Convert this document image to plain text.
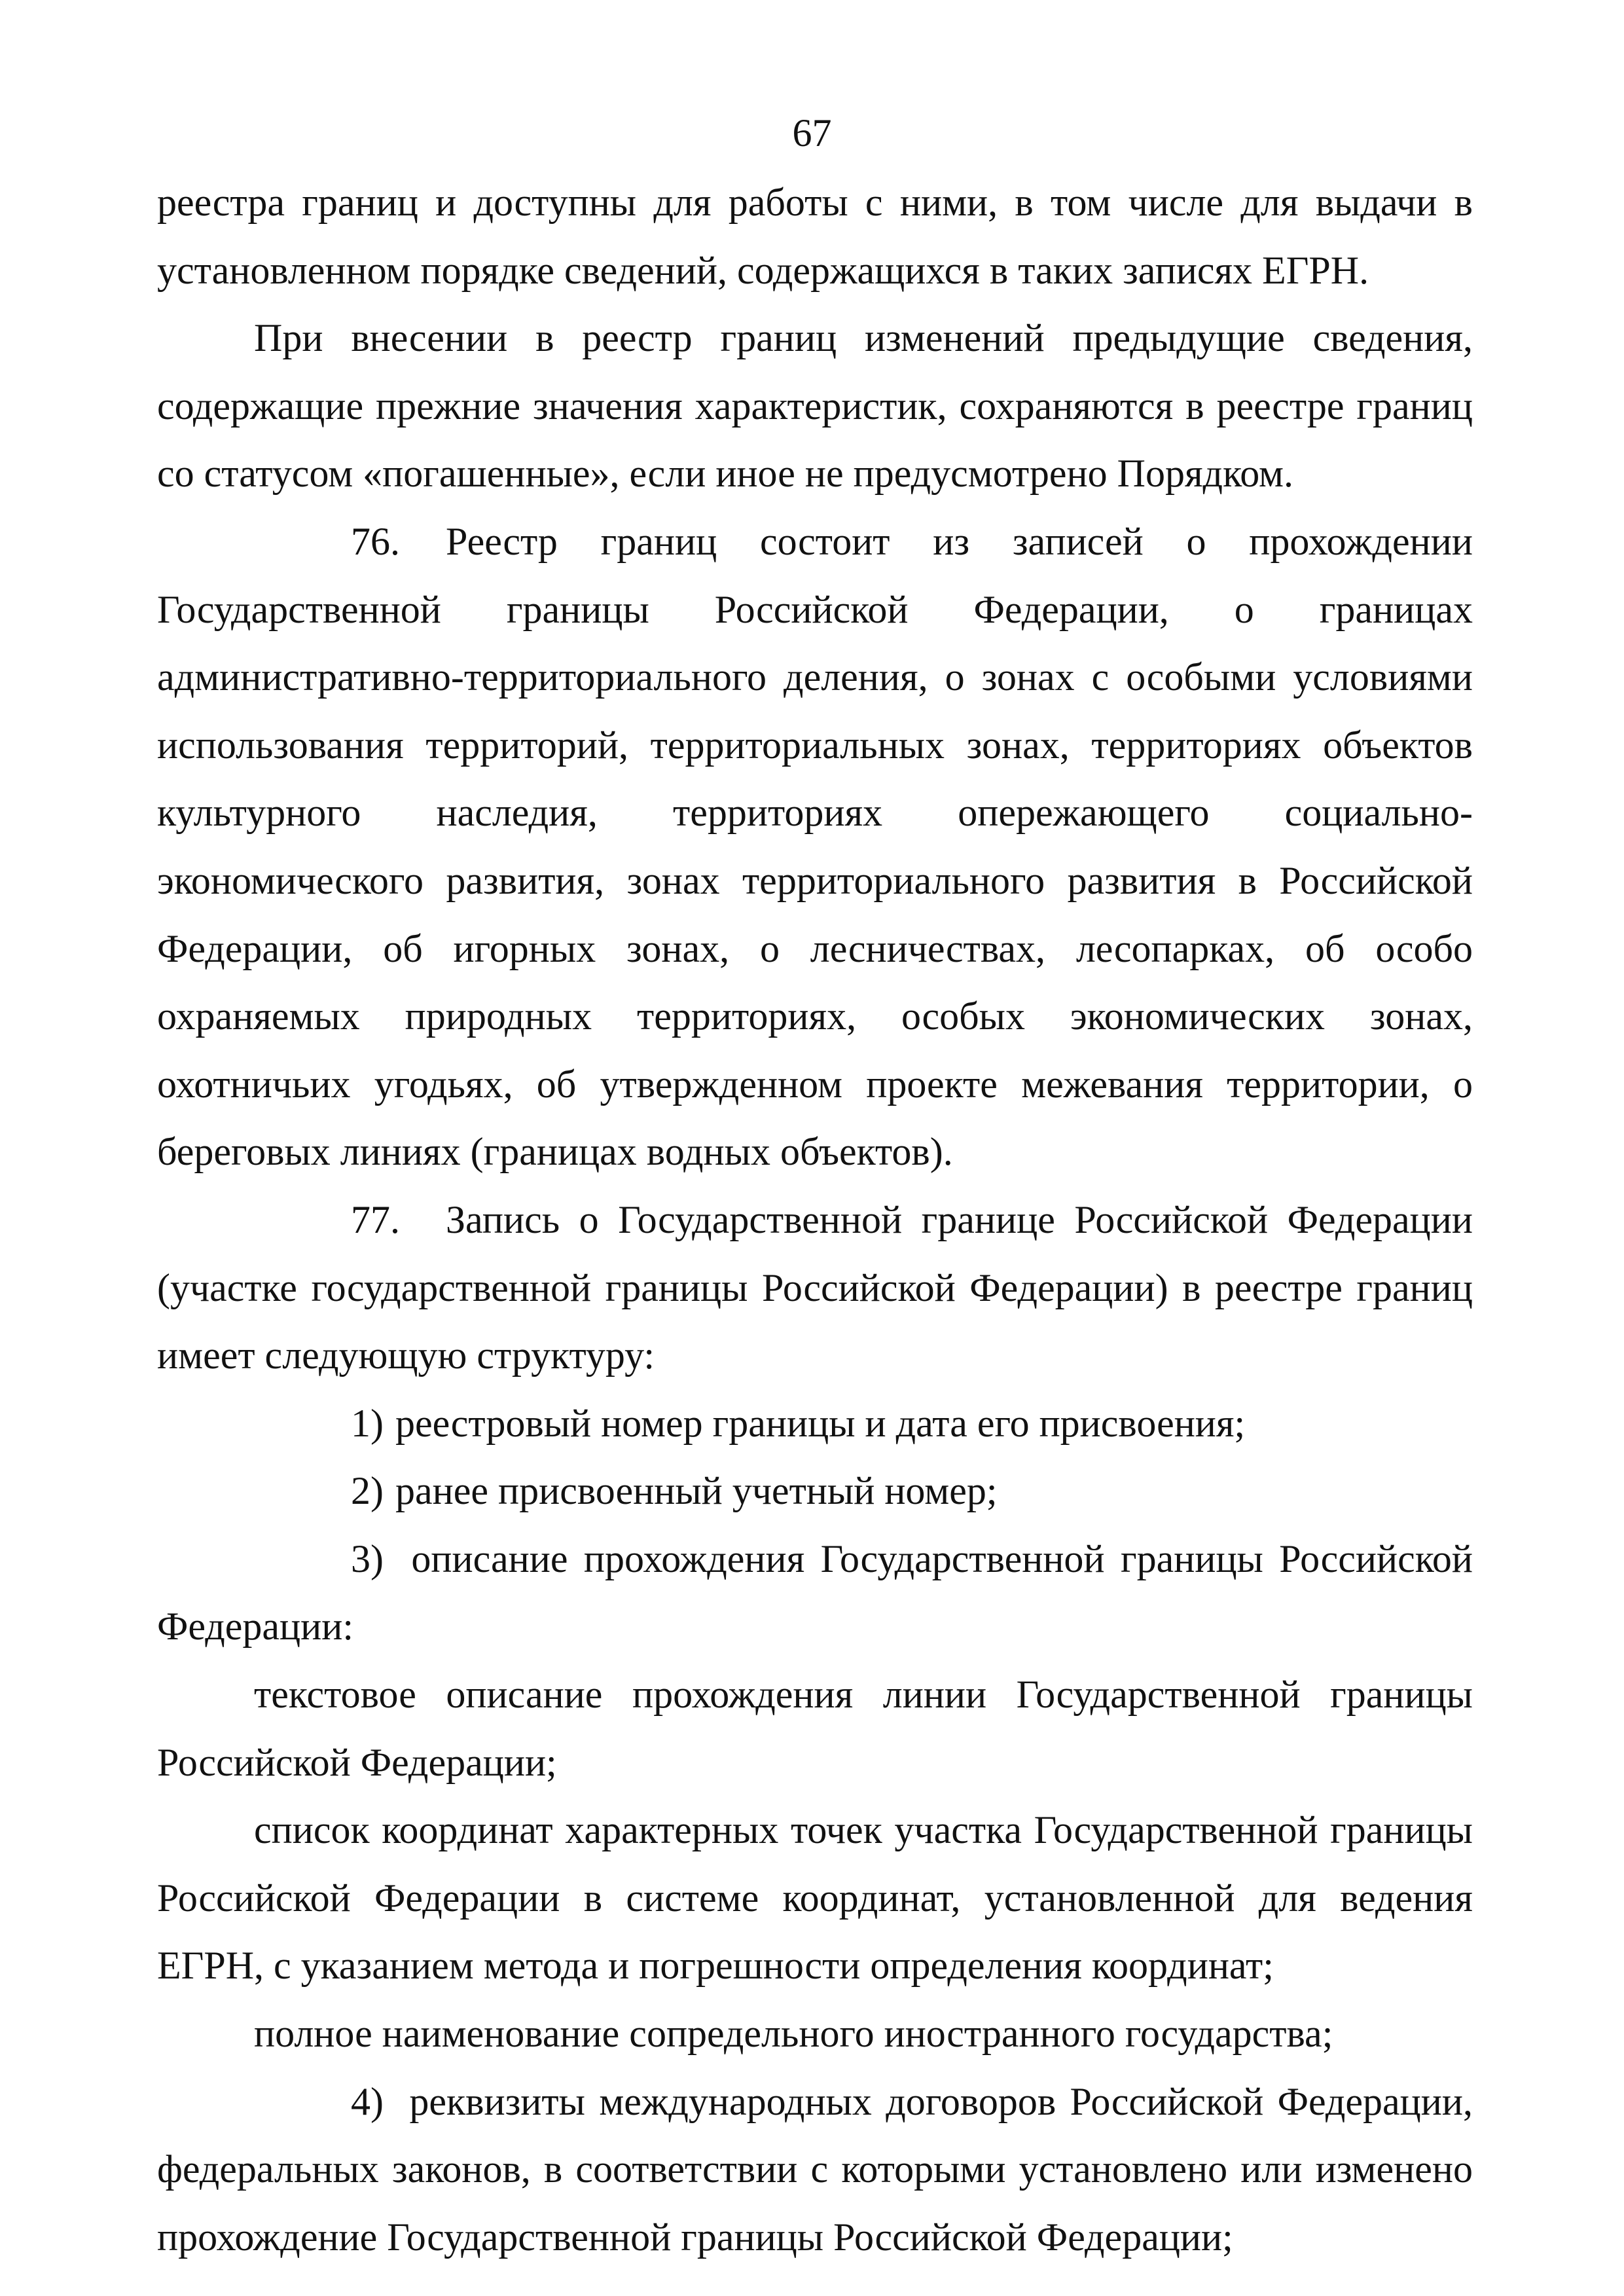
67

реестра границ и доступны для работы с ними, в том числе для выдачи в установленном порядке сведений, содержащихся в таких записях ЕГРН.

При внесении в реестр границ изменений предыдущие сведения, содержащие прежние значения характеристик, сохраняются в реестре границ со статусом «погашенные», если иное не предусмотрено Порядком.

76. Реестр границ состоит из записей о прохождении Государственной границы Российской Федерации, о границах административно-территориального деления, о зонах с особыми условиями использования территорий, территориальных зонах, территориях объектов культурного наследия, территориях опережающего социально-экономического развития, зонах территориального развития в Российской Федерации, об игорных зонах, о лесничествах, лесопарках, об особо охраняемых природных территориях, особых экономических зонах, охотничьих угодьях, об утвержденном проекте межевания территории, о береговых линиях (границах водных объектов).

77. Запись о Государственной границе Российской Федерации (участке государственной границы Российской Федерации) в реестре границ имеет следующую структуру:

1) реестровый номер границы и дата его присвоения;

2) ранее присвоенный учетный номер;

3) описание прохождения Государственной границы Российской Федерации:

текстовое описание прохождения линии Государственной границы Российской Федерации;

список координат характерных точек участка Государственной границы Российской Федерации в системе координат, установленной для ведения ЕГРН, с указанием метода и погрешности определения координат;

полное наименование сопредельного иностранного государства;

4) реквизиты международных договоров Российской Федерации, федеральных законов, в соответствии с которыми установлено или изменено прохождение Государственной границы Российской Федерации;
